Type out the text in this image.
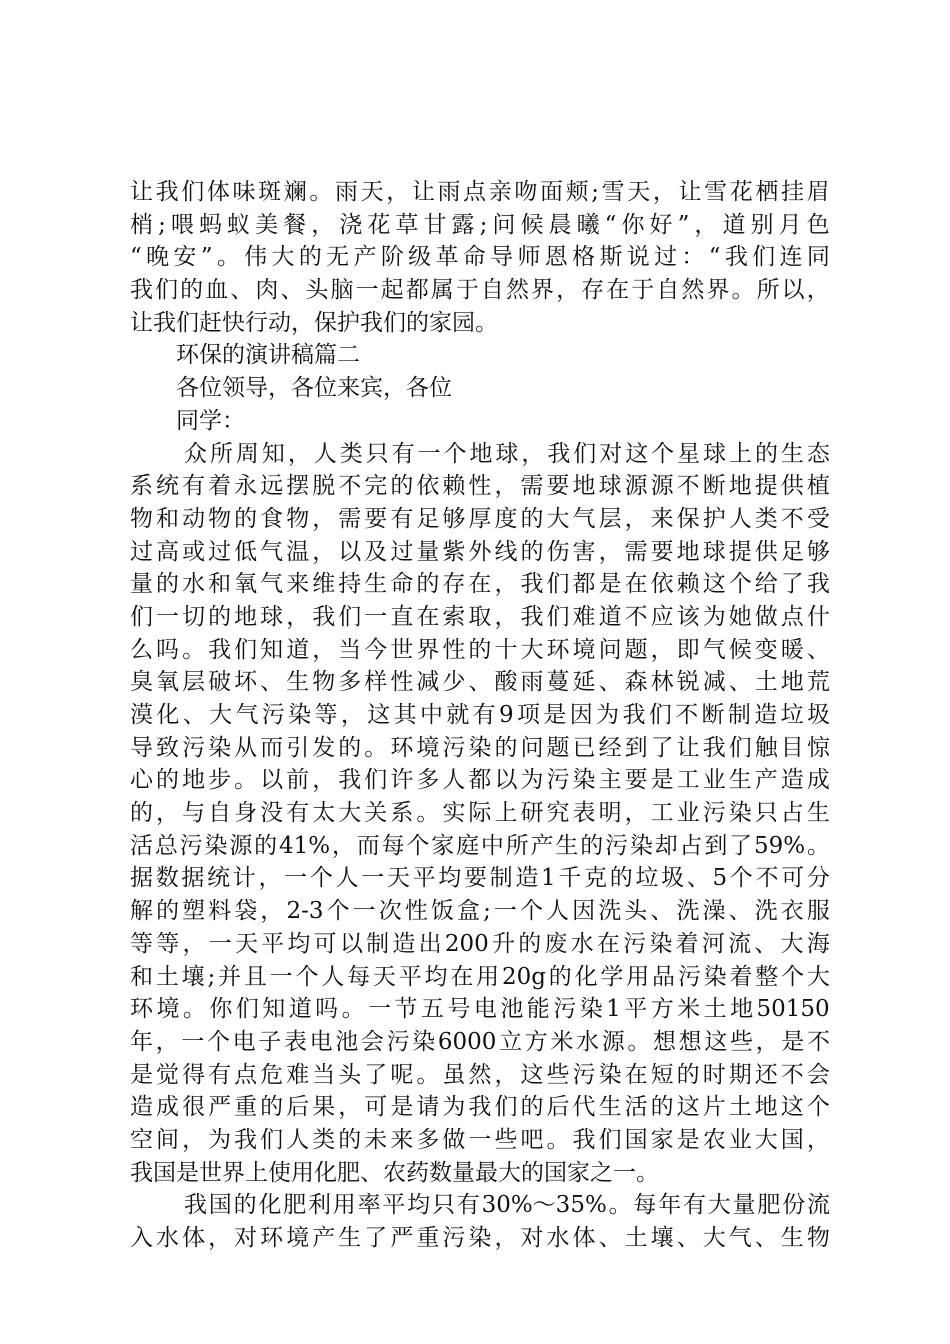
让 我 们 体 味 斑 斓 。 雨 天 ， 让 雨 点 亲 吻 面 颊 ; 雪 天 ， 让 雪 花 栖 挂 眉
梢 ; 喂 蚂 蚁 美 餐 ， 浇 花 草 甘 露 ; 问 候 晨 曦 “ 你 好 ” ， 道 别 月 色
“ 晚 安 ” 。 伟 大 的 无 产 阶 级 革 命 导 师 恩 格 斯 说 过 ： “ 我 们 连 同
我 们 的 血 、 肉 、 头 脑 一 起 都 属 于 自 然 界 ， 存 在 于 自 然 界 。 所 以 ，
让我们赶快行动，保护我们的家园。
环保的演讲稿篇二
各位领导，各位来宾，各位
同学：
众 所 周 知 ， 人 类 只 有 一 个 地 球 ， 我 们 对 这 个 星 球 上 的 生 态
系 统 有 着 永 远 摆 脱 不 完 的 依 赖 性 ， 需 要 地 球 源 源 不 断 地 提 供 植
物 和 动 物 的 食 物 ， 需 要 有 足 够 厚 度 的 大 气 层 ， 来 保 护 人 类 不 受
过 高 或 过 低 气 温 ， 以 及 过 量 紫 外 线 的 伤 害 ， 需 要 地 球 提 供 足 够
量 的 水 和 氧 气 来 维 持 生 命 的 存 在 ， 我 们 都 是 在 依 赖 这 个 给 了 我
们 一 切 的 地 球 ， 我 们 一 直 在 索 取 ， 我 们 难 道 不 应 该 为 她 做 点 什
么 吗 。 我 们 知 道 ， 当 今 世 界 性 的 十 大 环 境 问 题 ， 即 气 候 变 暖 、
臭 氧 层 破 坏 、 生 物 多 样 性 减 少 、 酸 雨 蔓 延 、 森 林 锐 减 、 土 地 荒
漠 化 、 大 气 污 染 等 ， 这 其 中 就 有 9 项 是 因 为 我 们 不 断 制 造 垃 圾
导 致 污 染 从 而 引 发 的 。 环 境 污 染 的 问 题 已 经 到 了 让 我 们 触 目 惊
心 的 地 步 。 以 前 ， 我 们 许 多 人 都 以 为 污 染 主 要 是 工 业 生 产 造 成
的 ， 与 自 身 没 有 太 大 关 系 。 实 际 上 研 究 表 明 ， 工 业 污 染 只 占 生
活 总 污 染 源 的 41% ， 而 每 个 家 庭 中 所 产 生 的 污 染 却 占 到 了 59% 。
据 数 据 统 计 ， 一 个 人 一 天 平 均 要 制 造 1 千 克 的 垃 圾 、 5 个 不 可 分
解 的 塑 料 袋 ， 2-3 个 一 次 性 饭 盒 ; 一 个 人 因 洗 头 、 洗 澡 、 洗 衣 服
等 等 ， 一 天 平 均 可 以 制 造 出 200 升 的 废 水 在 污 染 着 河 流 、 大 海
和 土 壤 ; 并 且 一 个 人 每 天 平 均 在 用 20g 的 化 学 用 品 污 染 着 整 个 大
环 境 。 你 们 知 道 吗 。 一 节 五 号 电 池 能 污 染 1 平 方 米 土 地 50150
年 ， 一 个 电 子 表 电 池 会 污 染 6000 立 方 米 水 源 。 想 想 这 些 ， 是 不
是 觉 得 有 点 危 难 当 头 了 呢 。 虽 然 ， 这 些 污 染 在 短 的 时 期 还 不 会
造 成 很 严 重 的 后 果 ， 可 是 请 为 我 们 的 后 代 生 活 的 这 片 土 地 这 个
空 间 ， 为 我 们 人 类 的 未 来 多 做 一 些 吧 。 我 们 国 家 是 农 业 大 国 ，
我国是世界上使用化肥、农药数量最大的国家之一。
我 国 的 化 肥 利 用 率 平 均 只 有 30%～35% 。 每 年 有 大 量 肥 份 流
入 水 体 ， 对 环 境 产 生 了 严 重 污 染 ， 对 水 体 、 土 壤 、 大 气 、 生 物
